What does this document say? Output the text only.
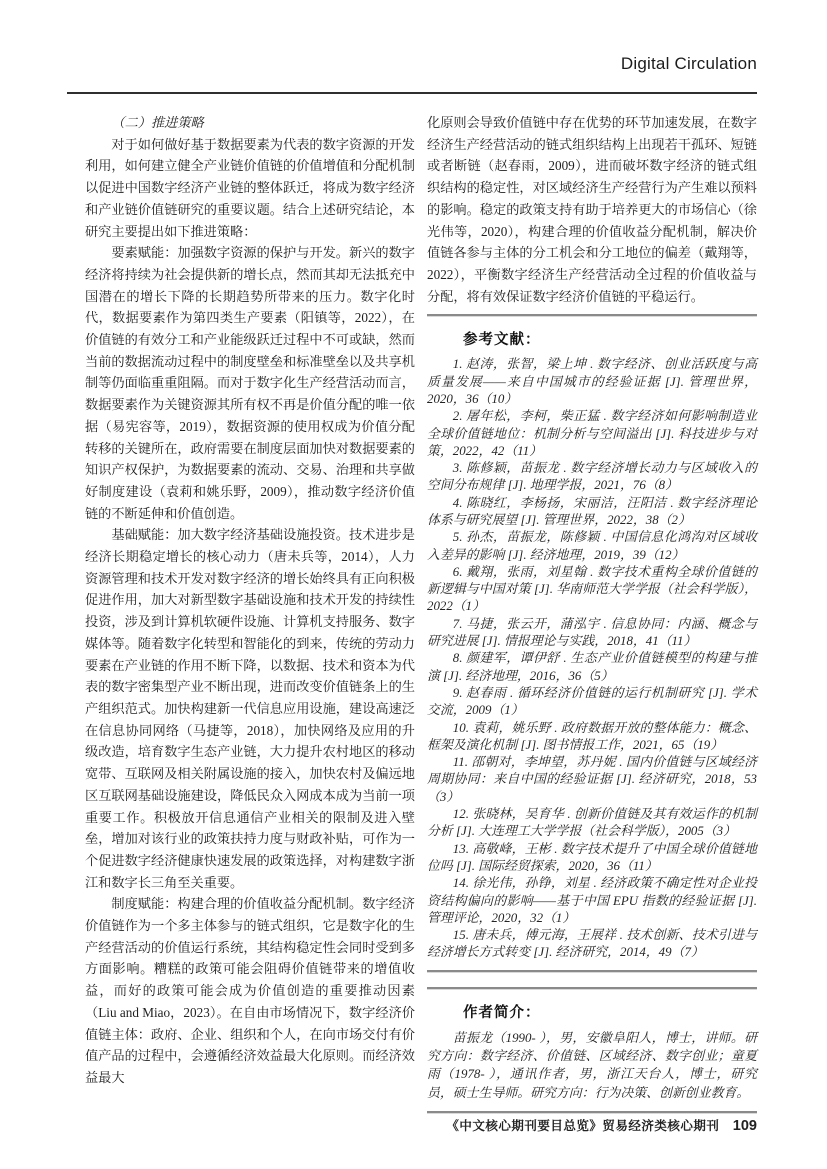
Digital Circulation
（二）推进策略

对于如何做好基于数据要素为代表的数字资源的开发利用，如何建立健全产业链价值链的价值增值和分配机制以促进中国数字经济产业链的整体跃迁，将成为数字经济和产业链价值链研究的重要议题。结合上述研究结论，本研究主要提出如下推进策略：

要素赋能：加强数字资源的保护与开发。新兴的数字经济将持续为社会提供新的增长点，然而其却无法抵充中国潜在的增长下降的长期趋势所带来的压力。数字化时代，数据要素作为第四类生产要素（阳镇等，2022），在价值链的有效分工和产业能级跃迁过程中不可或缺，然而当前的数据流动过程中的制度壁垒和标准壁垒以及共享机制等仍面临重重阻隔。而对于数字化生产经营活动而言，数据要素作为关键资源其所有权不再是价值分配的唯一依据（易宪容等，2019），数据资源的使用权成为价值分配转移的关键所在，政府需要在制度层面加快对数据要素的知识产权保护，为数据要素的流动、交易、治理和共享做好制度建设（袁莉和姚乐野，2009），推动数字经济价值链的不断延伸和价值创造。

基础赋能：加大数字经济基础设施投资。技术进步是经济长期稳定增长的核心动力（唐未兵等，2014），人力资源管理和技术开发对数字经济的增长始终具有正向积极促进作用，加大对新型数字基础设施和技术开发的持续性投资，涉及到计算机软硬件设施、计算机支持服务、数字媒体等。随着数字化转型和智能化的到来，传统的劳动力要素在产业链的作用不断下降，以数据、技术和资本为代表的数字密集型产业不断出现，进而改变价值链条上的生产组织范式。加快构建新一代信息应用设施，建设高速泛在信息协同网络（马捷等，2018），加快网络及应用的升级改造，培育数字生态产业链，大力提升农村地区的移动宽带、互联网及相关附属设施的接入，加快农村及偏远地区互联网基础设施建设，降低民众入网成本成为当前一项重要工作。积极放开信息通信产业相关的限制及进入壁垒，增加对该行业的政策扶持力度与财政补贴，可作为一个促进数字经济健康快速发展的政策选择，对构建数字浙江和数字长三角至关重要。

制度赋能：构建合理的价值收益分配机制。数字经济价值链作为一个多主体参与的链式组织，它是数字化的生产经营活动的价值运行系统，其结构稳定性会同时受到多方面影响。糟糕的政策可能会阻碍价值链带来的增值收益，而好的政策可能会成为价值创造的重要推动因素（Liu and Miao，2023）。在自由市场情况下，数字经济价值链主体：政府、企业、组织和个人，在向市场交付有价值产品的过程中，会遵循经济效益最大化原则。而经济效益最大

化原则会导致价值链中存在优势的环节加速发展，在数字经济生产经营活动的链式组织结构上出现若干孤环、短链或者断链（赵春雨，2009），进而破坏数字经济的链式组织结构的稳定性，对区域经济生产经营行为产生难以预料的影响。稳定的政策支持有助于培养更大的市场信心（徐光伟等，2020），构建合理的价值收益分配机制，解决价值链各参与主体的分工机会和分工地位的偏差（戴翔等，2022），平衡数字经济生产经营活动全过程的价值收益与分配，将有效保证数字经济价值链的平稳运行。

参考文献：

1. 赵涛，张智，梁上坤 . 数字经济、创业活跃度与高质量发展——来自中国城市的经验证据 [J]. 管理世界，2020，36（10）

2. 屠年松，李柯，柴正猛 . 数字经济如何影响制造业全球价值链地位：机制分析与空间溢出 [J]. 科技进步与对策，2022，42（11）

3. 陈修颖，苗振龙 . 数字经济增长动力与区域收入的空间分布规律 [J]. 地理学报，2021，76（8）

4. 陈晓红，李杨扬，宋丽洁，汪阳洁 . 数字经济理论体系与研究展望 [J]. 管理世界，2022，38（2）

5. 孙杰，苗振龙，陈修颖 . 中国信息化鸿沟对区域收入差异的影响 [J]. 经济地理，2019，39（12）

6. 戴翔，张雨，刘星翰 . 数字技术重构全球价值链的新逻辑与中国对策 [J]. 华南师范大学学报（社会科学版），2022（1）

7. 马捷，张云开，蒲泓宇 . 信息协同：内涵、概念与研究进展 [J]. 情报理论与实践，2018，41（11）

8. 颜建军，谭伊舒 . 生态产业价值链模型的构建与推演 [J]. 经济地理，2016，36（5）

9. 赵春雨 . 循环经济价值链的运行机制研究 [J]. 学术交流，2009（1）

10. 袁莉，姚乐野 . 政府数据开放的整体能力：概念、框架及演化机制 [J]. 图书情报工作，2021，65（19）

11. 邵朝对，李坤望，苏丹妮 . 国内价值链与区域经济周期协同：来自中国的经验证据 [J]. 经济研究，2018，53（3）

12. 张晓林，吴育华 . 创新价值链及其有效运作的机制分析 [J]. 大连理工大学学报（社会科学版），2005（3）

13. 高敬峰，王彬 . 数字技术提升了中国全球价值链地位吗 [J]. 国际经贸探索，2020，36（11）

14. 徐光伟，孙铮，刘星 . 经济政策不确定性对企业投资结构偏向的影响——基于中国 EPU 指数的经验证据 [J]. 管理评论，2020，32（1）

15. 唐未兵，傅元海，王展祥 . 技术创新、技术引进与经济增长方式转变 [J]. 经济研究，2014，49（7）

作者简介：

苗振龙（1990- ），男，安徽阜阳人，博士，讲师。研究方向：数字经济、价值链、区域经济、数字创业；童夏雨（1978- ），通讯作者，男，浙江天台人，博士，研究员，硕士生导师。研究方向：行为决策、创新创业教育。

《中文核心期刊要目总览》贸易经济类核心期刊 109
